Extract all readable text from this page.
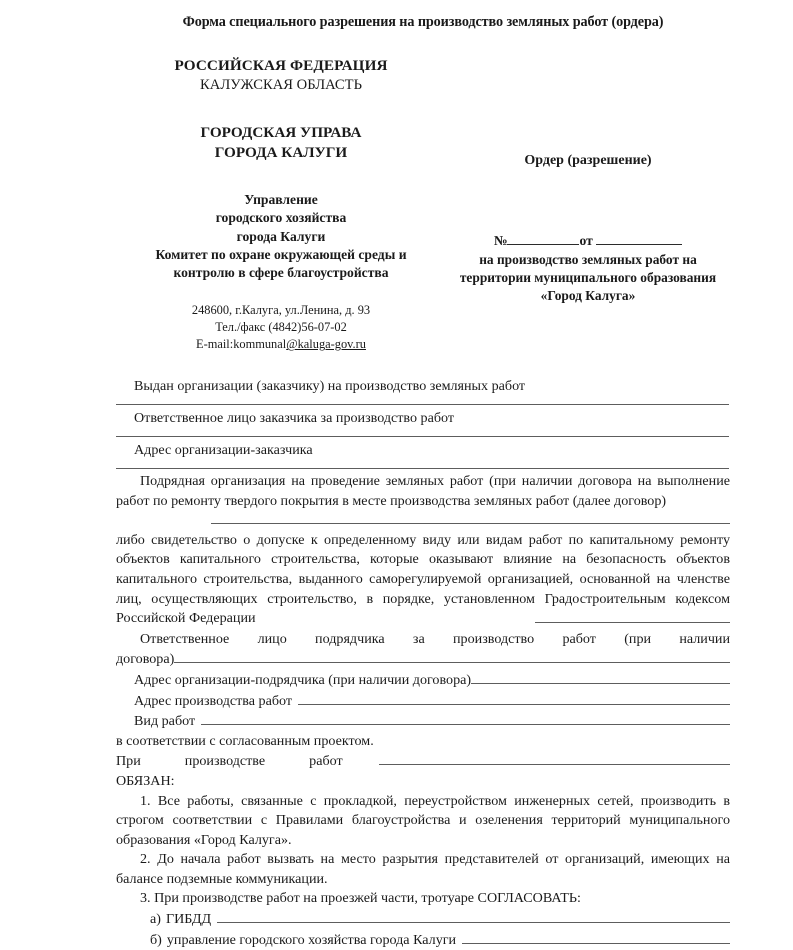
Форма специального разрешения на производство земляных работ (ордера)

РОССИЙСКАЯ ФЕДЕРАЦИЯ

КАЛУЖСКАЯ ОБЛАСТЬ

ГОРОДСКАЯ УПРАВА

ГОРОДА КАЛУГИ

Управление

городского хозяйства

города Калуги

Комитет по охране окружающей среды и

контролю в сфере благоустройства

248600, г.Калуга, ул.Ленина, д. 93

Тел./факс (4842)56-07-02

E-mail:kommunal@kaluga-gov.ru

Ордер (разрешение)

№	от

на производство земляных работ на

территории муниципального образования

«Город Калуга»

Выдан организации (заказчику) на производство земляных работ
Ответственное лицо заказчика за производство работ
Адрес организации-заказчика

Подрядная организация на проведение земляных работ (при наличии договора на выполнение работ по ремонту твердого покрытия в месте производства земляных работ (далее договор)

либо свидетельство о допуске к определенному виду или видам работ по капитальному ремонту объектов капитального строительства, которые оказывают влияние на безопасность объектов капитального строительства, выданного саморегулируемой организацией, основанной на членстве лиц, осуществляющих строительство, в порядке, установленном Градостроительным кодексом Российской Федерации

Ответственное лицо подрядчика за производство работ (при наличии
договора)
Адрес организации-подрядчика (при наличии договора)
Адрес производства работ
Вид работ

в соответствии с согласованным проектом.

При	производстве	работ

ОБЯЗАН:

1. Все работы, связанные с прокладкой, переустройством инженерных сетей, производить в строгом соответствии с Правилами благоустройства и озеленения территорий муниципального образования «Город Калуга».

2. До начала работ вызвать на место разрытия представителей от организаций, имеющих на балансе подземные коммуникации.

3. При производстве работ на проезжей части, тротуаре СОГЛАСОВАТЬ:

а) ГИБДД
б) управление городского хозяйства города Калуги
